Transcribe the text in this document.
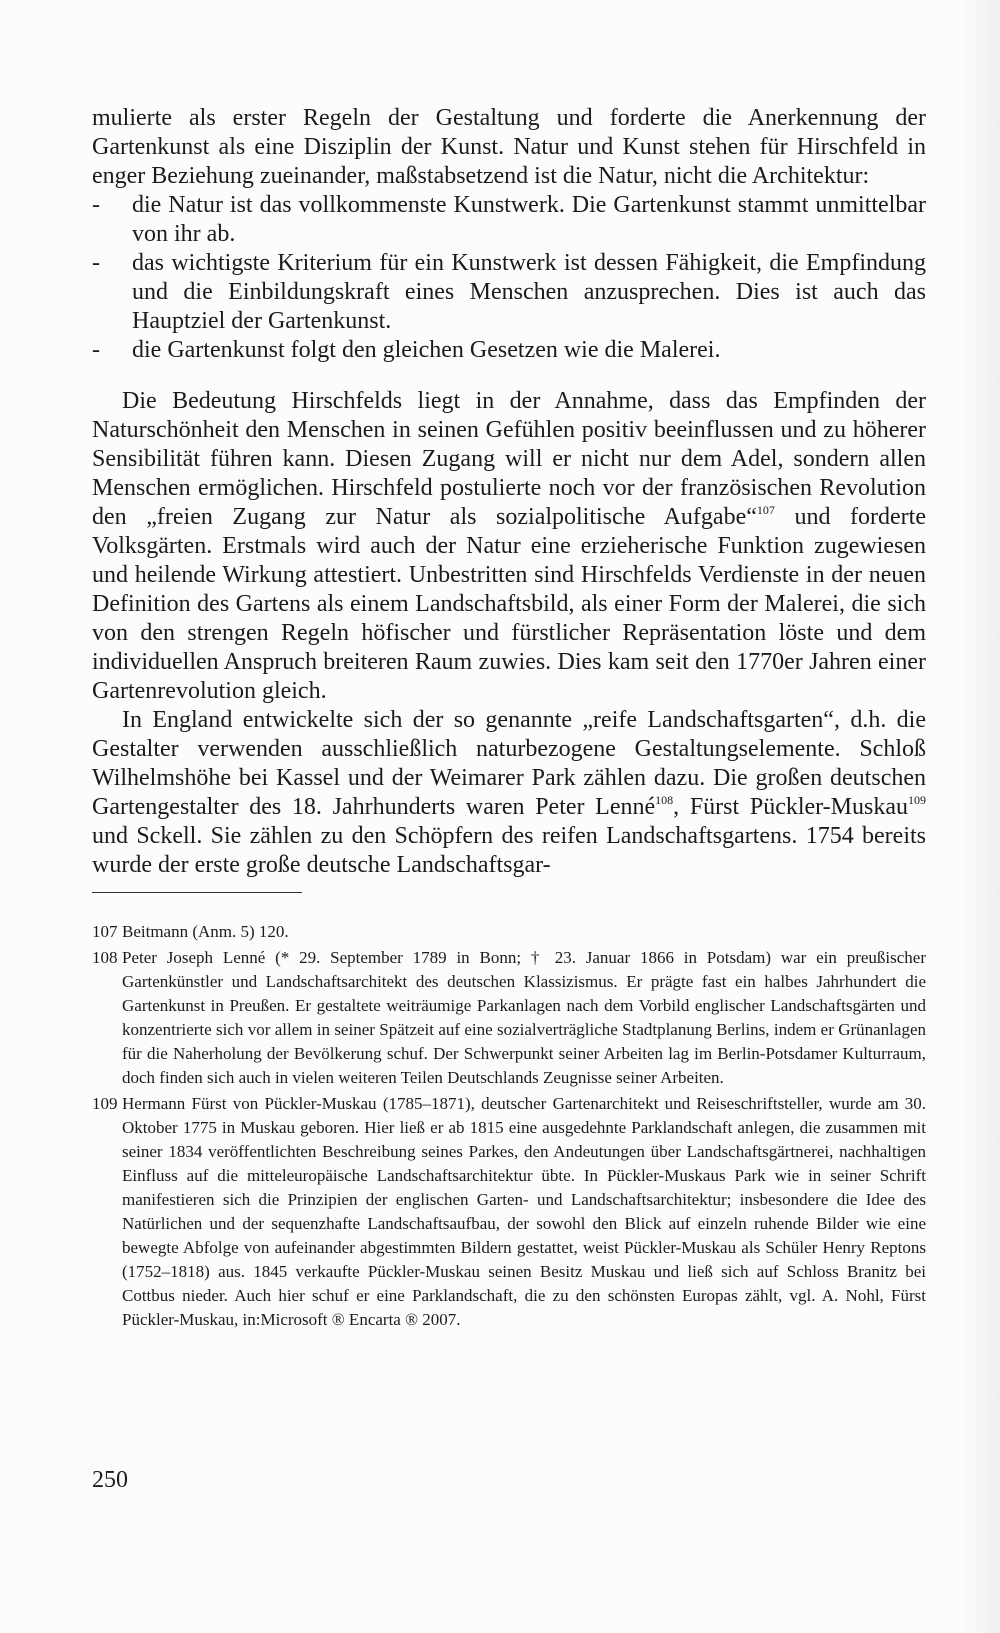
mulierte als erster Regeln der Gestaltung und forderte die Anerkennung der Gartenkunst als eine Disziplin der Kunst. Natur und Kunst stehen für Hirschfeld in enger Beziehung zueinander, maßstabsetzend ist die Natur, nicht die Architektur:

- die Natur ist das vollkommenste Kunstwerk. Die Gartenkunst stammt unmittelbar von ihr ab.
- das wichtigste Kriterium für ein Kunstwerk ist dessen Fähigkeit, die Empfindung und die Einbildungskraft eines Menschen anzusprechen. Dies ist auch das Hauptziel der Gartenkunst.
- die Gartenkunst folgt den gleichen Gesetzen wie die Malerei.

Die Bedeutung Hirschfelds liegt in der Annahme, dass das Empfinden der Naturschönheit den Menschen in seinen Gefühlen positiv beeinflussen und zu höherer Sensibilität führen kann. Diesen Zugang will er nicht nur dem Adel, sondern allen Menschen ermöglichen. Hirschfeld postulierte noch vor der französischen Revolution den „freien Zugang zur Natur als sozialpolitische Aufgabe“$^{107}$ und forderte Volksgärten. Erstmals wird auch der Natur eine erzieherische Funktion zugewiesen und heilende Wirkung attestiert. Unbestritten sind Hirschfelds Verdienste in der neuen Definition des Gartens als einem Landschaftsbild, als einer Form der Malerei, die sich von den strengen Regeln höfischer und fürstlicher Repräsentation löste und dem individuellen Anspruch breiteren Raum zuwies. Dies kam seit den 1770er Jahren einer Gartenrevolution gleich.

In England entwickelte sich der so genannte „reife Landschaftsgarten“, d.h. die Gestalter verwenden ausschließlich naturbezogene Gestaltungselemente. Schloß Wilhelmshöhe bei Kassel und der Weimarer Park zählen dazu. Die großen deutschen Gartengestalter des 18. Jahrhunderts waren Peter Lenné$^{108}$, Fürst Pückler-Muskau$^{109}$ und Sckell. Sie zählen zu den Schöpfern des reifen Landschaftsgartens. 1754 bereits wurde der erste große deutsche Landschaftsgar-

107 Beitmann (Anm. 5) 120.
108 Peter Joseph Lenné (* 29. September 1789 in Bonn; † 23. Januar 1866 in Potsdam) war ein preußischer Gartenkünstler und Landschaftsarchitekt des deutschen Klassizismus. Er prägte fast ein halbes Jahrhundert die Gartenkunst in Preußen. Er gestaltete weiträumige Parkanlagen nach dem Vorbild englischer Landschaftsgärten und konzentrierte sich vor allem in seiner Spätzeit auf eine sozialverträgliche Stadtplanung Berlins, indem er Grünanlagen für die Naherholung der Bevölkerung schuf. Der Schwerpunkt seiner Arbeiten lag im Berlin-Potsdamer Kulturraum, doch finden sich auch in vielen weiteren Teilen Deutschlands Zeugnisse seiner Arbeiten.
109 Hermann Fürst von Pückler-Muskau (1785–1871), deutscher Gartenarchitekt und Reiseschriftsteller, wurde am 30. Oktober 1775 in Muskau geboren. Hier ließ er ab 1815 eine ausgedehnte Parklandschaft anlegen, die zusammen mit seiner 1834 veröffentlichten Beschreibung seines Parkes, den Andeutungen über Landschaftsgärtnerei, nachhaltigen Einfluss auf die mitteleuropäische Landschaftsarchitektur übte. In Pückler-Muskaus Park wie in seiner Schrift manifestieren sich die Prinzipien der englischen Garten- und Landschaftsarchitektur; insbesondere die Idee des Natürlichen und der sequenzhafte Landschaftsaufbau, der sowohl den Blick auf einzeln ruhende Bilder wie eine bewegte Abfolge von aufeinander abgestimmten Bildern gestattet, weist Pückler-Muskau als Schüler Henry Reptons (1752–1818) aus. 1845 verkaufte Pückler-Muskau seinen Besitz Muskau und ließ sich auf Schloss Branitz bei Cottbus nieder. Auch hier schuf er eine Parklandschaft, die zu den schönsten Europas zählt, vgl. A. Nohl, Fürst Pückler-Muskau, in:Microsoft ® Encarta ® 2007.
250
